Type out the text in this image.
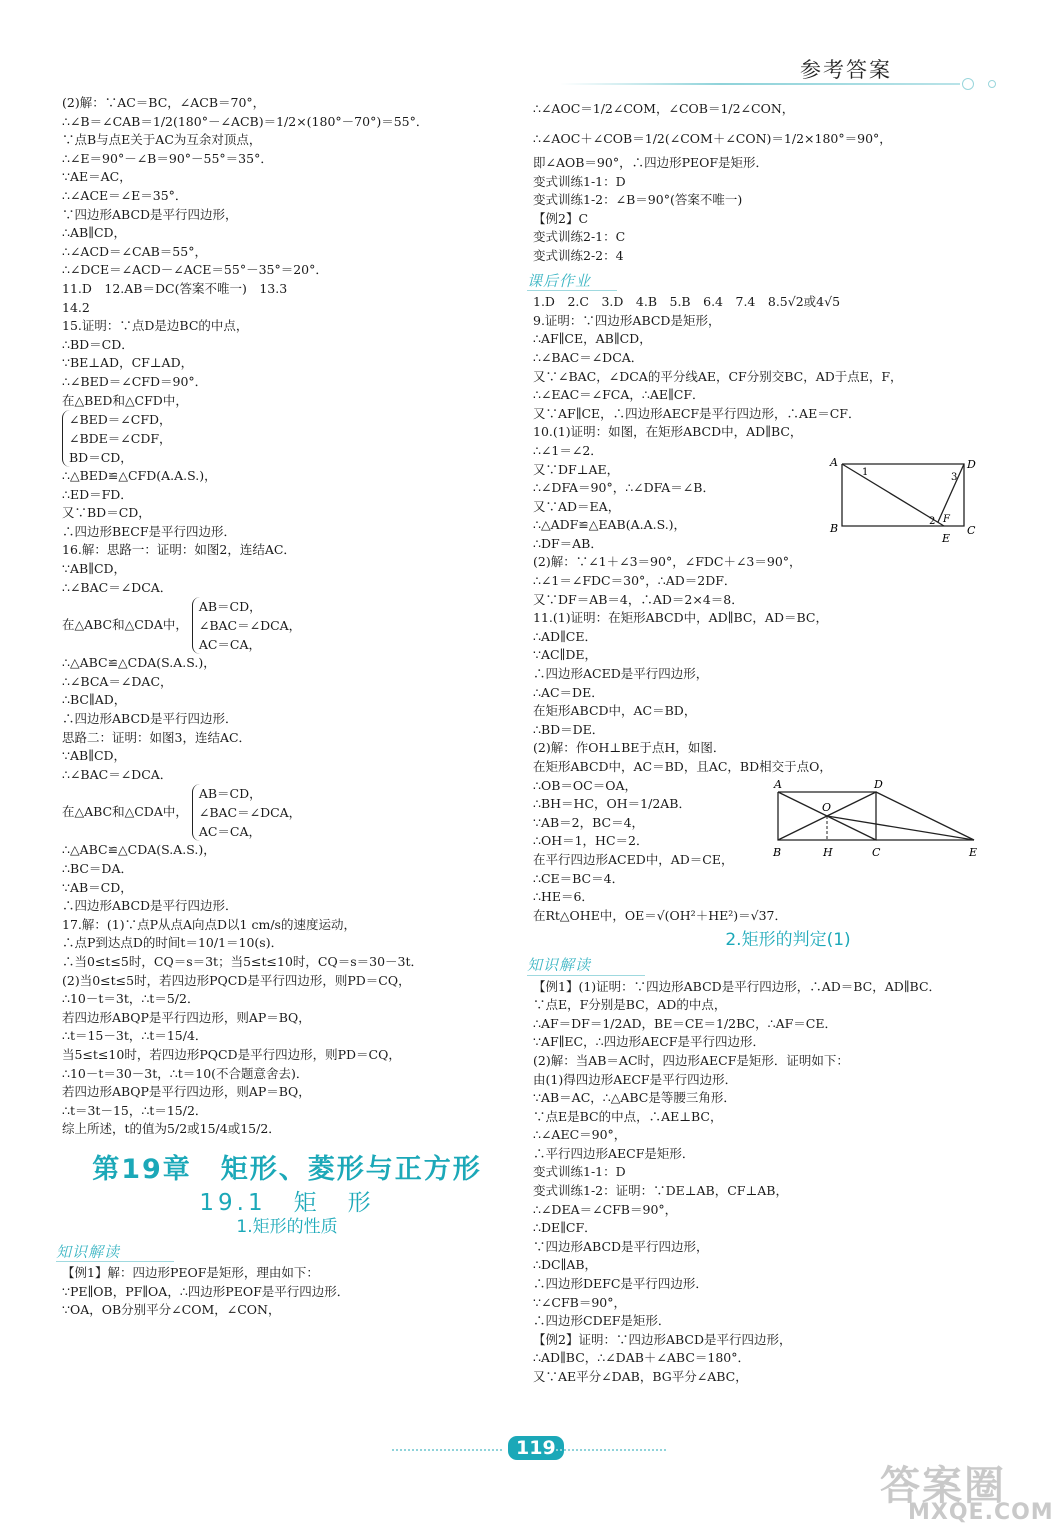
参考答案
(2)解：∵AC＝BC，∠ACB＝70°，
∴∠B＝∠CAB＝1/2(180°－∠ACB)＝1/2×(180°－70°)＝55°．
∵点B与点E关于AC为互余对顶点，
∴∠E＝90°－∠B＝90°－55°＝35°．
∵AE＝AC，
∴∠ACE＝∠E＝35°．
∵四边形ABCD是平行四边形，
∴AB∥CD，
∴∠ACD＝∠CAB＝55°，
∴∠DCE＝∠ACD－∠ACE＝55°－35°＝20°．
11.D　12.AB＝DC(答案不唯一)　13.3
14.2
15.证明：∵点D是边BC的中点，
∴BD＝CD．
∵BE⊥AD，CF⊥AD，
∴∠BED＝∠CFD＝90°．
在△BED和△CFD中，
∠BED＝∠CFD，
∠BDE＝∠CDF，
BD＝CD，
∴△BED≌△CFD(A.A.S.)，
∴ED＝FD．
又∵BD＝CD，
∴四边形BECF是平行四边形．
16.解：思路一：证明：如图2，连结AC．
∵AB∥CD，
∴∠BAC＝∠DCA．
在△ABC和△CDA中，
AB＝CD，
∠BAC＝∠DCA，
AC＝CA，
∴△ABC≌△CDA(S.A.S.)，
∴∠BCA＝∠DAC，
∴BC∥AD，
∴四边形ABCD是平行四边形．
思路二：证明：如图3，连结AC．
∵AB∥CD，
∴∠BAC＝∠DCA．
在△ABC和△CDA中，
AB＝CD，
∠BAC＝∠DCA，
AC＝CA，
∴△ABC≌△CDA(S.A.S.)，
∴BC＝DA．
∵AB＝CD，
∴四边形ABCD是平行四边形．
17.解：(1)∵点P从点A向点D以1 cm/s的速度运动，
∴点P到达点D的时间t＝10/1＝10(s)．
∴当0≤t≤5时，CQ＝s＝3t；当5≤t≤10时，CQ＝s＝30－3t．
(2)当0≤t≤5时，若四边形PQCD是平行四边形，则PD＝CQ，
∴10－t＝3t，∴t＝5/2．
若四边形ABQP是平行四边形，则AP＝BQ，
∴t＝15－3t，∴t＝15/4．
当5≤t≤10时，若四边形PQCD是平行四边形，则PD＝CQ，
∴10－t＝30－3t，∴t＝10(不合题意舍去)．
若四边形ABQP是平行四边形，则AP＝BQ，
∴t＝3t－15，∴t＝15/2．
综上所述，t的值为5/2或15/4或15/2．
第19章　矩形、菱形与正方形
19.1　矩　形
1.矩形的性质
知识解读
【例1】解：四边形PEOF是矩形，理由如下：
∵PE∥OB，PF∥OA，∴四边形PEOF是平行四边形．
∵OA，OB分别平分∠COM，∠CON，
∴∠AOC＝1/2∠COM，∠COB＝1/2∠CON，
∴∠AOC＋∠COB＝1/2(∠COM＋∠CON)＝1/2×180°＝90°，
即∠AOB＝90°，∴四边形PEOF是矩形．
变式训练1-1：D
变式训练1-2：∠B＝90°(答案不唯一)
【例2】C
变式训练2-1：C
变式训练2-2：4
课后作业
1.D　2.C　3.D　4.B　5.B　6.4　7.4　8.5√2或4√5
9.证明：∵四边形ABCD是矩形，
∴AF∥CE，AB∥CD，
∴∠BAC＝∠DCA．
又∵∠BAC，∠DCA的平分线AE，CF分别交BC，AD于点E，F，
∴∠EAC＝∠FCA，∴AE∥CF．
又∵AF∥CE，∴四边形AECF是平行四边形，∴AE＝CF．
10.(1)证明：如图，在矩形ABCD中，AD∥BC，
∴∠1＝∠2．
又∵DF⊥AE，
∴∠DFA＝90°，∴∠DFA＝∠B．
又∵AD＝EA，
∴△ADF≌△EAB(A.A.S.)，
∴DF＝AB．
(2)解：∵∠1＋∠3＝90°，∠FDC＋∠3＝90°，
∴∠1＝∠FDC＝30°，∴AD＝2DF．
又∵DF＝AB＝4，∴AD＝2×4＝8．
11.(1)证明：在矩形ABCD中，AD∥BC，AD＝BC，
∴AD∥CE．
∵AC∥DE，
∴四边形ACED是平行四边形，
∴AC＝DE．
在矩形ABCD中，AC＝BD，
∴BD＝DE．
(2)解：作OH⊥BE于点H，如图．
在矩形ABCD中，AC＝BD，且AC，BD相交于点O，
∴OB＝OC＝OA，
∴BH＝HC，OH＝1/2AB．
∵AB＝2，BC＝4，
∴OH＝1，HC＝2．
在平行四边形ACED中，AD＝CE，
∴CE＝BC＝4．
∴HE＝6．
在Rt△OHE中，OE＝√(OH²＋HE²)＝√37．
2.矩形的判定(1)
知识解读
【例1】(1)证明：∵四边形ABCD是平行四边形，∴AD＝BC，AD∥BC．
∵点E，F分别是BC，AD的中点，
∴AF＝DF＝1/2AD，BE＝CE＝1/2BC，∴AF＝CE．
∵AF∥EC，∴四边形AECF是平行四边形．
(2)解：当AB＝AC时，四边形AECF是矩形．证明如下：
由(1)得四边形AECF是平行四边形．
∵AB＝AC，∴△ABC是等腰三角形．
∵点E是BC的中点，∴AE⊥BC，
∴∠AEC＝90°，
∴平行四边形AECF是矩形．
变式训练1-1：D
变式训练1-2：证明：∵DE⊥AB，CF⊥AB，
∴∠DEA＝∠CFB＝90°，
∴DE∥CF．
∵四边形ABCD是平行四边形，
∴DC∥AB，
∴四边形DEFC是平行四边形．
∵∠CFB＝90°，
∴四边形CDEF是矩形．
【例2】证明：∵四边形ABCD是平行四边形，
∴AD∥BC，∴∠DAB＋∠ABC＝180°．
又∵AE平分∠DAB，BG平分∠ABC，
A	D
B	C
E
F
1
2
3
A	D
O
B	H	C	E
119
答案圈
MXQE.COM
